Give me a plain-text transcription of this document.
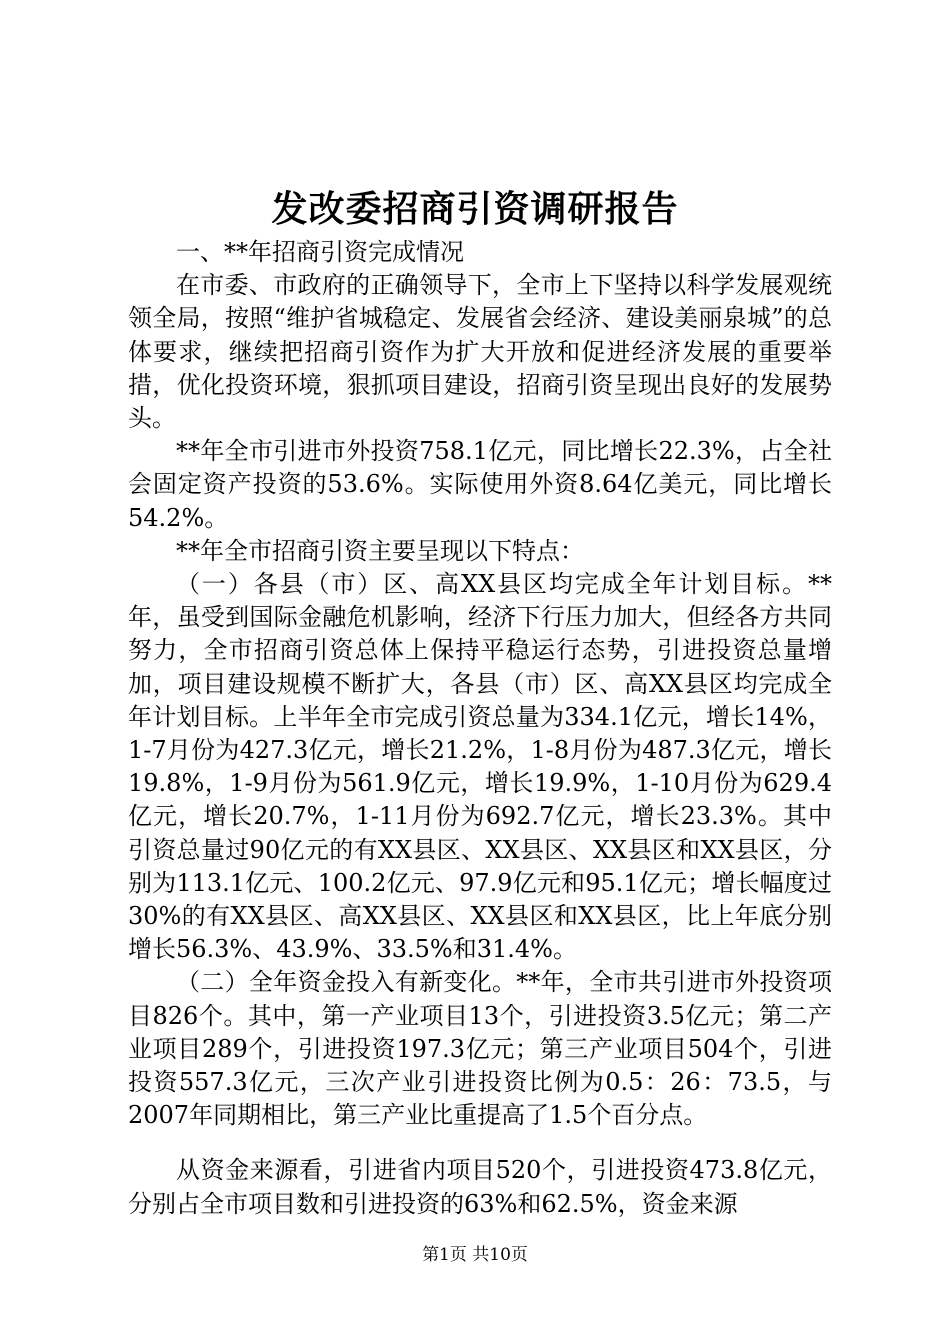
发改委招商引资调研报告

一、**年招商引资完成情况

在市委、市政府的正确领导下，全市上下坚持以科学发展观统领全局，按照“维护省城稳定、发展省会经济、建设美丽泉城”的总体要求，继续把招商引资作为扩大开放和促进经济发展的重要举措，优化投资环境，狠抓项目建设，招商引资呈现出良好的发展势头。

**年全市引进市外投资758.1亿元，同比增长22.3%，占全社会固定资产投资的53.6%。实际使用外资8.64亿美元，同比增长54.2%。

**年全市招商引资主要呈现以下特点：

（一）各县（市）区、高XX县区均完成全年计划目标。**年，虽受到国际金融危机影响，经济下行压力加大，但经各方共同努力，全市招商引资总体上保持平稳运行态势，引进投资总量增加，项目建设规模不断扩大，各县（市）区、高XX县区均完成全年计划目标。上半年全市完成引资总量为334.1亿元，增长14%，1-7月份为427.3亿元，增长21.2%，1-8月份为487.3亿元，增长19.8%，1-9月份为561.9亿元，增长19.9%，1-10月份为629.4亿元，增长20.7%，1-11月份为692.7亿元，增长23.3%。其中引资总量过90亿元的有XX县区、XX县区、XX县区和XX县区，分别为113.1亿元、100.2亿元、97.9亿元和95.1亿元；增长幅度过30%的有XX县区、高XX县区、XX县区和XX县区，比上年底分别增长56.3%、43.9%、33.5%和31.4%。

（二）全年资金投入有新变化。**年，全市共引进市外投资项目826个。其中，第一产业项目13个，引进投资3.5亿元；第二产业项目289个，引进投资197.3亿元；第三产业项目504个，引进投资557.3亿元，三次产业引进投资比例为0.5：26：73.5，与2007年同期相比，第三产业比重提高了1.5个百分点。

从资金来源看，引进省内项目520个，引进投资473.8亿元，分别占全市项目数和引进投资的63%和62.5%，资金来源

第1页 共10页
